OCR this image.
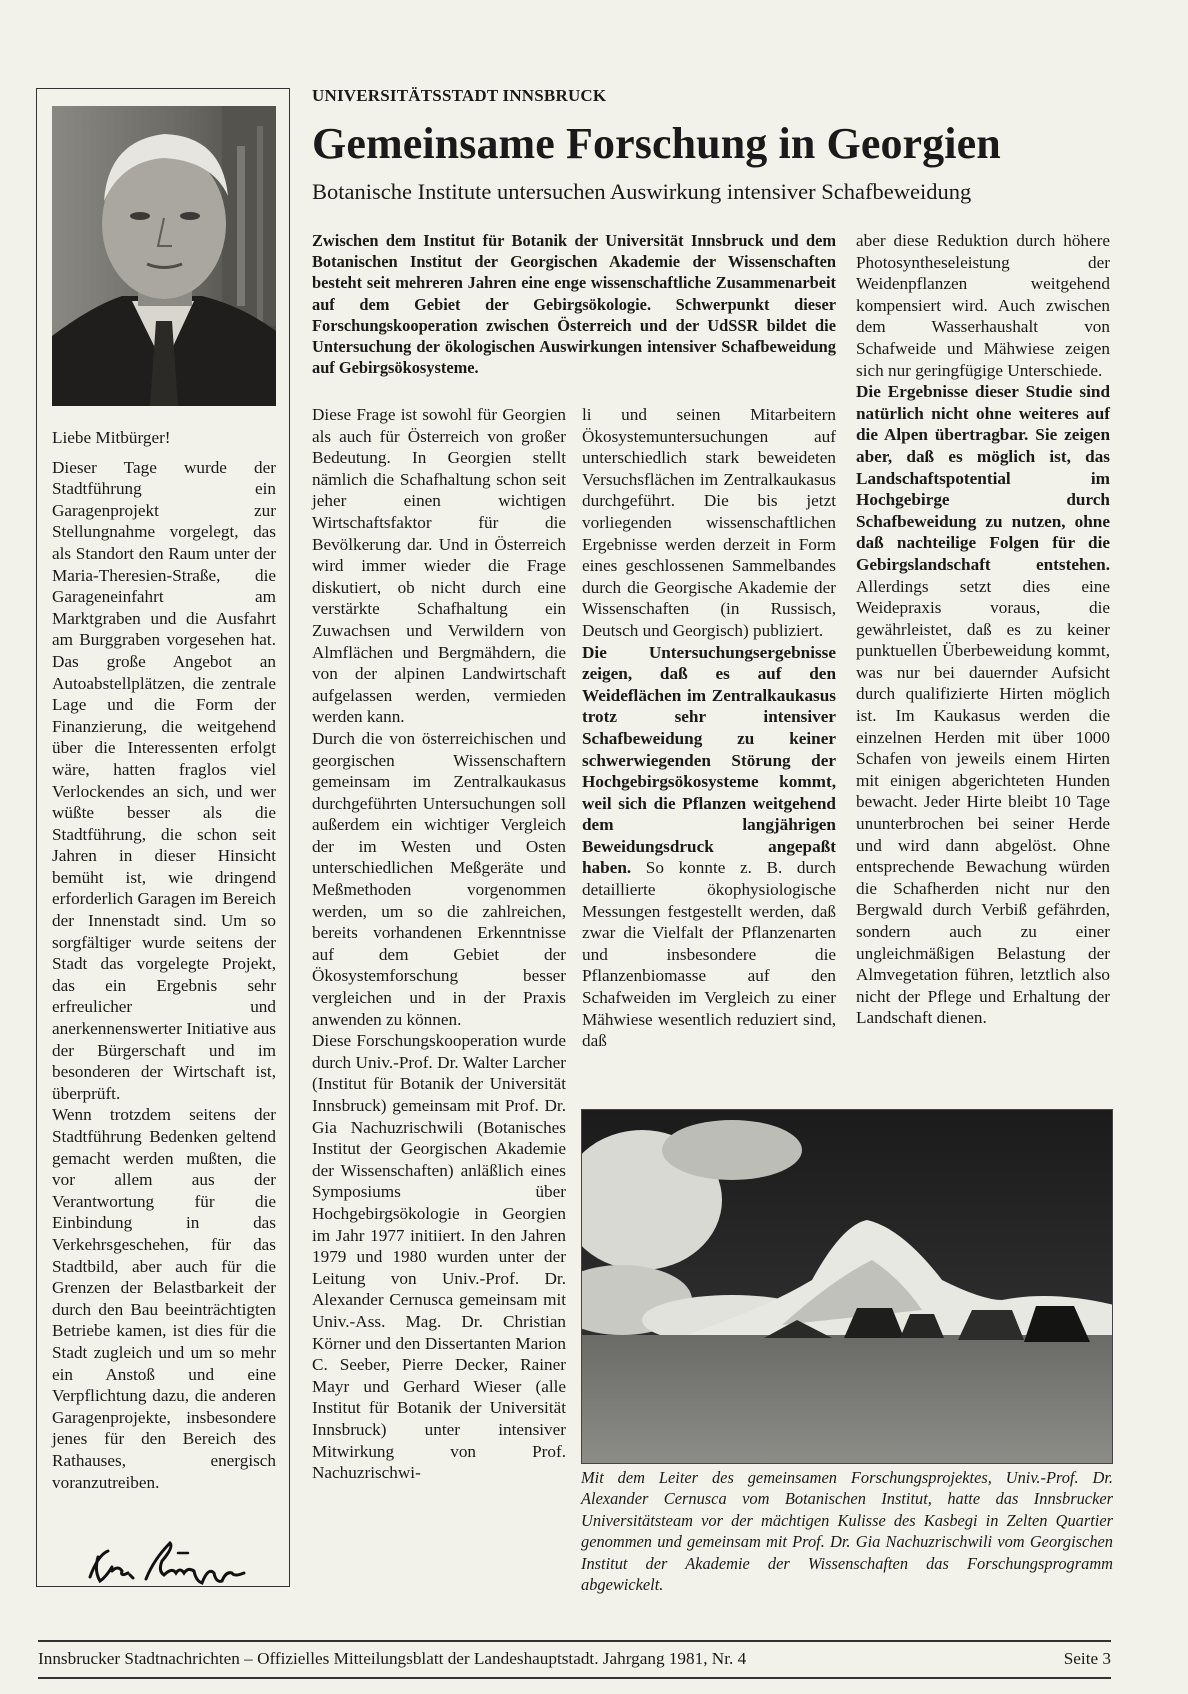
Liebe Mitbürger!

Dieser Tage wurde der Stadtführung ein Garagenprojekt zur Stellungnahme vorgelegt, das als Standort den Raum unter der Maria-Theresien-Straße, die Garageneinfahrt am Marktgraben und die Ausfahrt am Burggraben vorgesehen hat. Das große Angebot an Autoabstellplätzen, die zentrale Lage und die Form der Finanzierung, die weitgehend über die Interessenten erfolgt wäre, hatten fraglos viel Verlockendes an sich, und wer wüßte besser als die Stadtführung, die schon seit Jahren in dieser Hinsicht bemüht ist, wie dringend erforderlich Garagen im Bereich der Innenstadt sind. Um so sorgfältiger wurde seitens der Stadt das vorgelegte Projekt, das ein Ergebnis sehr erfreulicher und anerkennenswerter Initiative aus der Bürgerschaft und im besonderen der Wirtschaft ist, überprüft.

Wenn trotzdem seitens der Stadtführung Bedenken geltend gemacht werden mußten, die vor allem aus der Verantwortung für die Einbindung in das Verkehrsgeschehen, für das Stadtbild, aber auch für die Grenzen der Belastbarkeit der durch den Bau beeinträchtigten Betriebe kamen, ist dies für die Stadt zugleich und um so mehr ein Anstoß und eine Verpflichtung dazu, die anderen Garagenprojekte, insbesondere jenes für den Bereich des Rathauses, energisch voranzutreiben.

UNIVERSITÄTSSTADT INNSBRUCK
Gemeinsame Forschung in Georgien
Botanische Institute untersuchen Auswirkung intensiver Schafbeweidung
Zwischen dem Institut für Botanik der Universität Innsbruck und dem Botanischen Institut der Georgischen Akademie der Wissenschaften besteht seit mehreren Jahren eine enge wissenschaftliche Zusammenarbeit auf dem Gebiet der Gebirgsökologie. Schwerpunkt dieser Forschungskooperation zwischen Österreich und der UdSSR bildet die Untersuchung der ökologischen Auswirkungen intensiver Schafbeweidung auf Gebirgsökosysteme.

Diese Frage ist sowohl für Georgien als auch für Österreich von großer Bedeutung. In Georgien stellt nämlich die Schafhaltung schon seit jeher einen wichtigen Wirtschaftsfaktor für die Bevölkerung dar. Und in Österreich wird immer wieder die Frage diskutiert, ob nicht durch eine verstärkte Schafhaltung ein Zuwachsen und Verwildern von Almflächen und Bergmähdern, die von der alpinen Landwirtschaft aufgelassen werden, vermieden werden kann.

Durch die von österreichischen und georgischen Wissenschaftern gemeinsam im Zentralkaukasus durchgeführten Untersuchungen soll außerdem ein wichtiger Vergleich der im Westen und Osten unterschiedlichen Meßgeräte und Meßmethoden vorgenommen werden, um so die zahlreichen, bereits vorhandenen Erkenntnisse auf dem Gebiet der Ökosystemforschung besser vergleichen und in der Praxis anwenden zu können.

Diese Forschungskooperation wurde durch Univ.-Prof. Dr. Walter Larcher (Institut für Botanik der Universität Innsbruck) gemeinsam mit Prof. Dr. Gia Nachuzrischwili (Botanisches Institut der Georgischen Akademie der Wissenschaften) anläßlich eines Symposiums über Hochgebirgsökologie in Georgien im Jahr 1977 initiiert. In den Jahren 1979 und 1980 wurden unter der Leitung von Univ.-Prof. Dr. Alexander Cernusca gemeinsam mit Univ.-Ass. Mag. Dr. Christian Körner und den Dissertanten Marion C. Seeber, Pierre Decker, Rainer Mayr und Gerhard Wieser (alle Institut für Botanik der Universität Innsbruck) unter intensiver Mitwirkung von Prof. Nachuzrischwi-

li und seinen Mitarbeitern Ökosystemuntersuchungen auf unterschiedlich stark beweideten Versuchsflächen im Zentralkaukasus durchgeführt. Die bis jetzt vorliegenden wissenschaftlichen Ergebnisse werden derzeit in Form eines geschlossenen Sammelbandes durch die Georgische Akademie der Wissenschaften (in Russisch, Deutsch und Georgisch) publiziert.

Die Untersuchungsergebnisse zeigen, daß es auf den Weideflächen im Zentralkaukasus trotz sehr intensiver Schafbeweidung zu keiner schwerwiegenden Störung der Hochgebirgsökosysteme kommt, weil sich die Pflanzen weitgehend dem langjährigen Beweidungsdruck angepaßt haben. So konnte z. B. durch detaillierte ökophysiologische Messungen festgestellt werden, daß zwar die Vielfalt der Pflanzenarten und insbesondere die Pflanzenbiomasse auf den Schafweiden im Vergleich zu einer Mähwiese wesentlich reduziert sind, daß

aber diese Reduktion durch höhere Photosyntheseleistung der Weidenpflanzen weitgehend kompensiert wird. Auch zwischen dem Wasserhaushalt von Schafweide und Mähwiese zeigen sich nur geringfügige Unterschiede.

Die Ergebnisse dieser Studie sind natürlich nicht ohne weiteres auf die Alpen übertragbar. Sie zeigen aber, daß es möglich ist, das Landschaftspotential im Hochgebirge durch Schafbeweidung zu nutzen, ohne daß nachteilige Folgen für die Gebirgslandschaft entstehen. Allerdings setzt dies eine Weidepraxis voraus, die gewährleistet, daß es zu keiner punktuellen Überbeweidung kommt, was nur bei dauernder Aufsicht durch qualifizierte Hirten möglich ist. Im Kaukasus werden die einzelnen Herden mit über 1000 Schafen von jeweils einem Hirten mit einigen abgerichteten Hunden bewacht. Jeder Hirte bleibt 10 Tage ununterbrochen bei seiner Herde und wird dann abgelöst. Ohne entsprechende Bewachung würden die Schafherden nicht nur den Bergwald durch Verbiß gefährden, sondern auch zu einer ungleichmäßigen Belastung der Almvegetation führen, letztlich also nicht der Pflege und Erhaltung der Landschaft dienen.

Mit dem Leiter des gemeinsamen Forschungsprojektes, Univ.-Prof. Dr. Alexander Cernusca vom Botanischen Institut, hatte das Innsbrucker Universitätsteam vor der mächtigen Kulisse des Kasbegi in Zelten Quartier genommen und gemeinsam mit Prof. Dr. Gia Nachuzrischwili vom Georgischen Institut der Akademie der Wissenschaften das Forschungsprogramm abgewickelt.
Innsbrucker Stadtnachrichten – Offizielles Mitteilungsblatt der Landeshauptstadt. Jahrgang 1981, Nr. 4	Seite 3
